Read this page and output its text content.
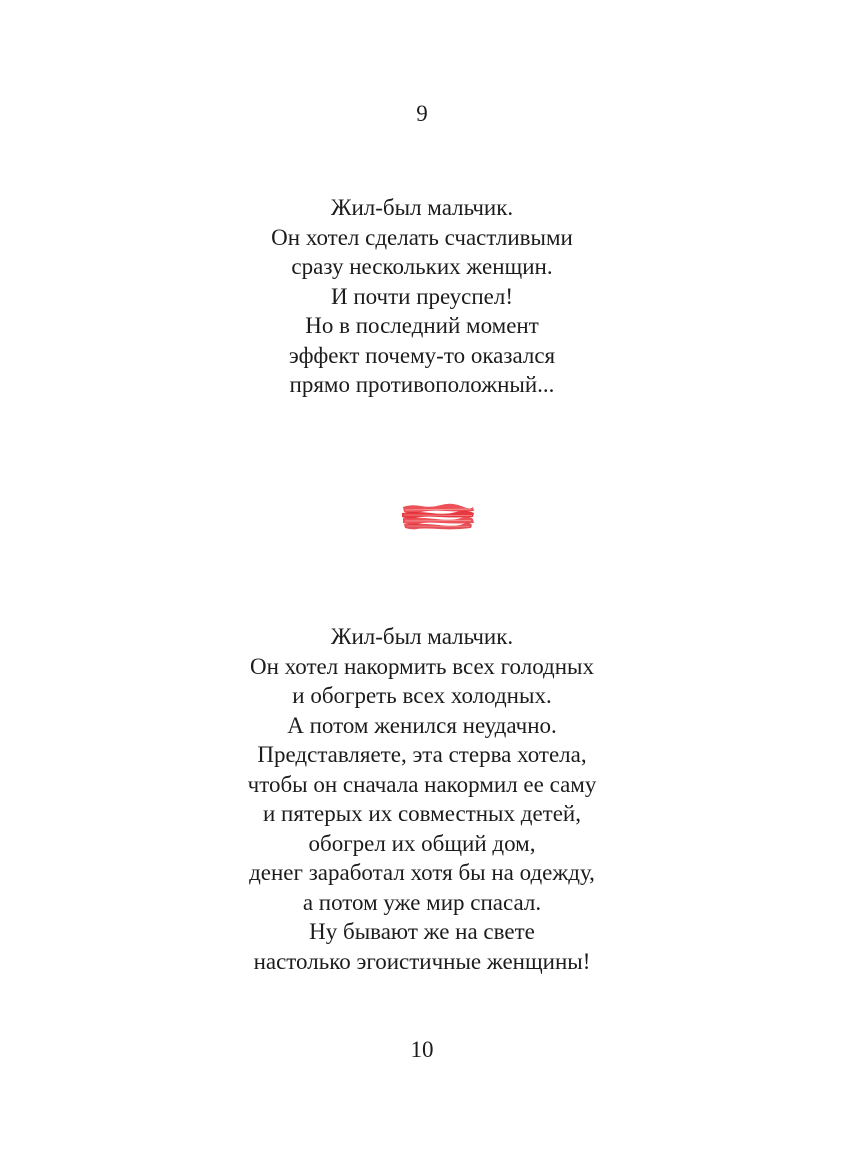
9
Жил-был мальчик.
Он хотел сделать счастливыми
сразу нескольких женщин.
И почти преуспел!
Но в последний момент
эффект почему-то оказался
прямо противоположный...
Жил-был мальчик.
Он хотел накормить всех голодных
и обогреть всех холодных.
А потом женился неудачно.
Представляете, эта стерва хотела,
чтобы он сначала накормил ее саму
и пятерых их совместных детей,
обогрел их общий дом,
денег заработал хотя бы на одежду,
а потом уже мир спасал.
Ну бывают же на свете
настолько эгоистичные женщины!
10
